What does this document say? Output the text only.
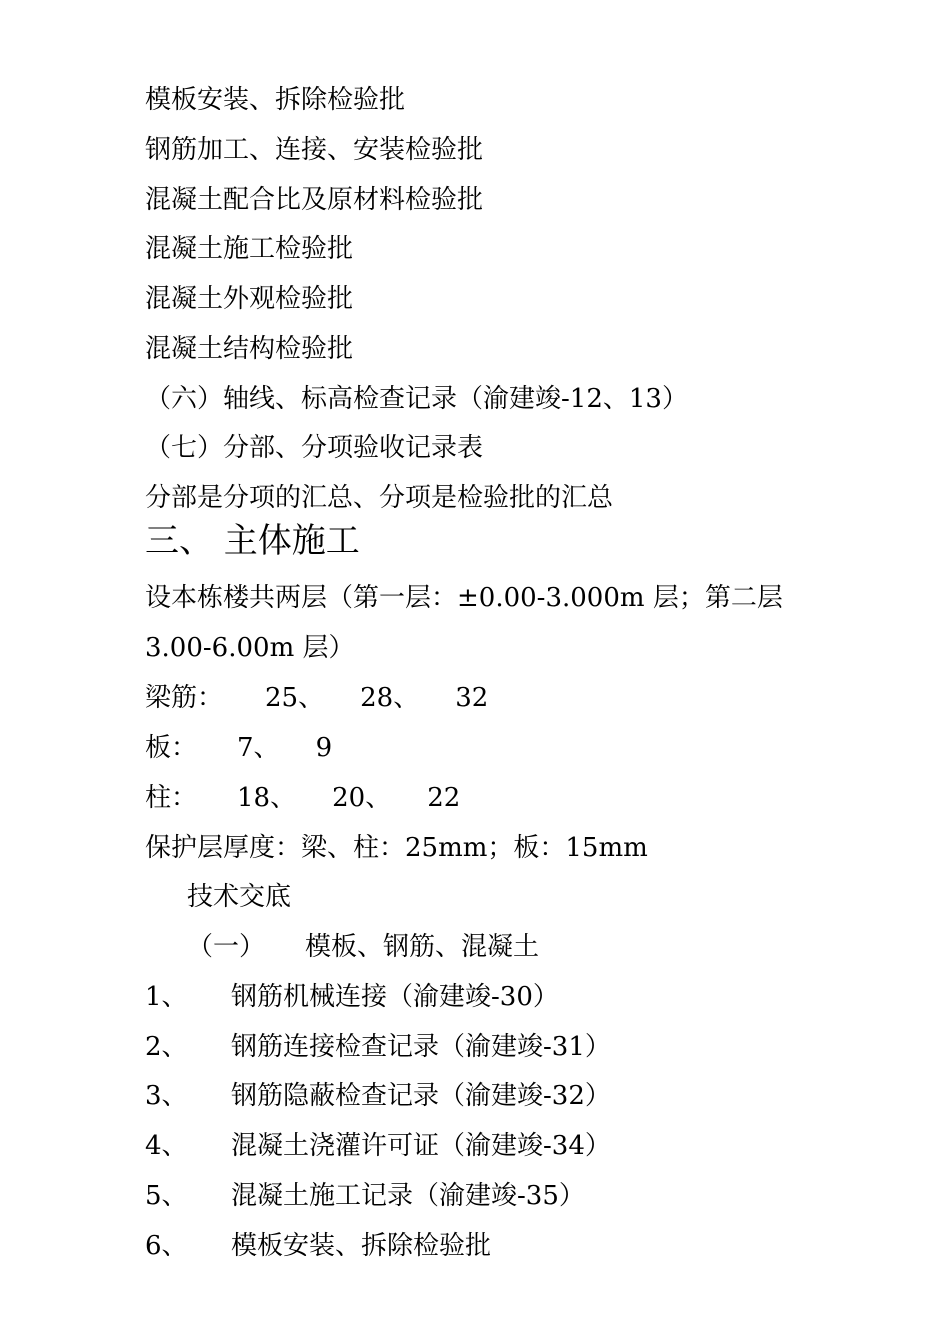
模板安装、拆除检验批
钢筋加工、连接、安装检验批
混凝土配合比及原材料检验批
混凝土施工检验批
混凝土外观检验批
混凝土结构检验批
（六）轴线、标高检查记录（渝建竣-12、13）
（七）分部、分项验收记录表
分部是分项的汇总、分项是检验批的汇总
三、 主体施工
设本栋楼共两层（第一层：±0.00-3.000m 层；第二层
3.00-6.00m 层）
梁筋： 25、 28、 32
板： 7、 9
柱： 18、 20、 22
保护层厚度：梁、柱：25mm；板：15mm
技术交底
（一） 模板、钢筋、混凝土
1、 钢筋机械连接（渝建竣-30）
2、 钢筋连接检查记录（渝建竣-31）
3、 钢筋隐蔽检查记录（渝建竣-32）
4、 混凝土浇灌许可证（渝建竣-34）
5、 混凝土施工记录（渝建竣-35）
6、 模板安装、拆除检验批
